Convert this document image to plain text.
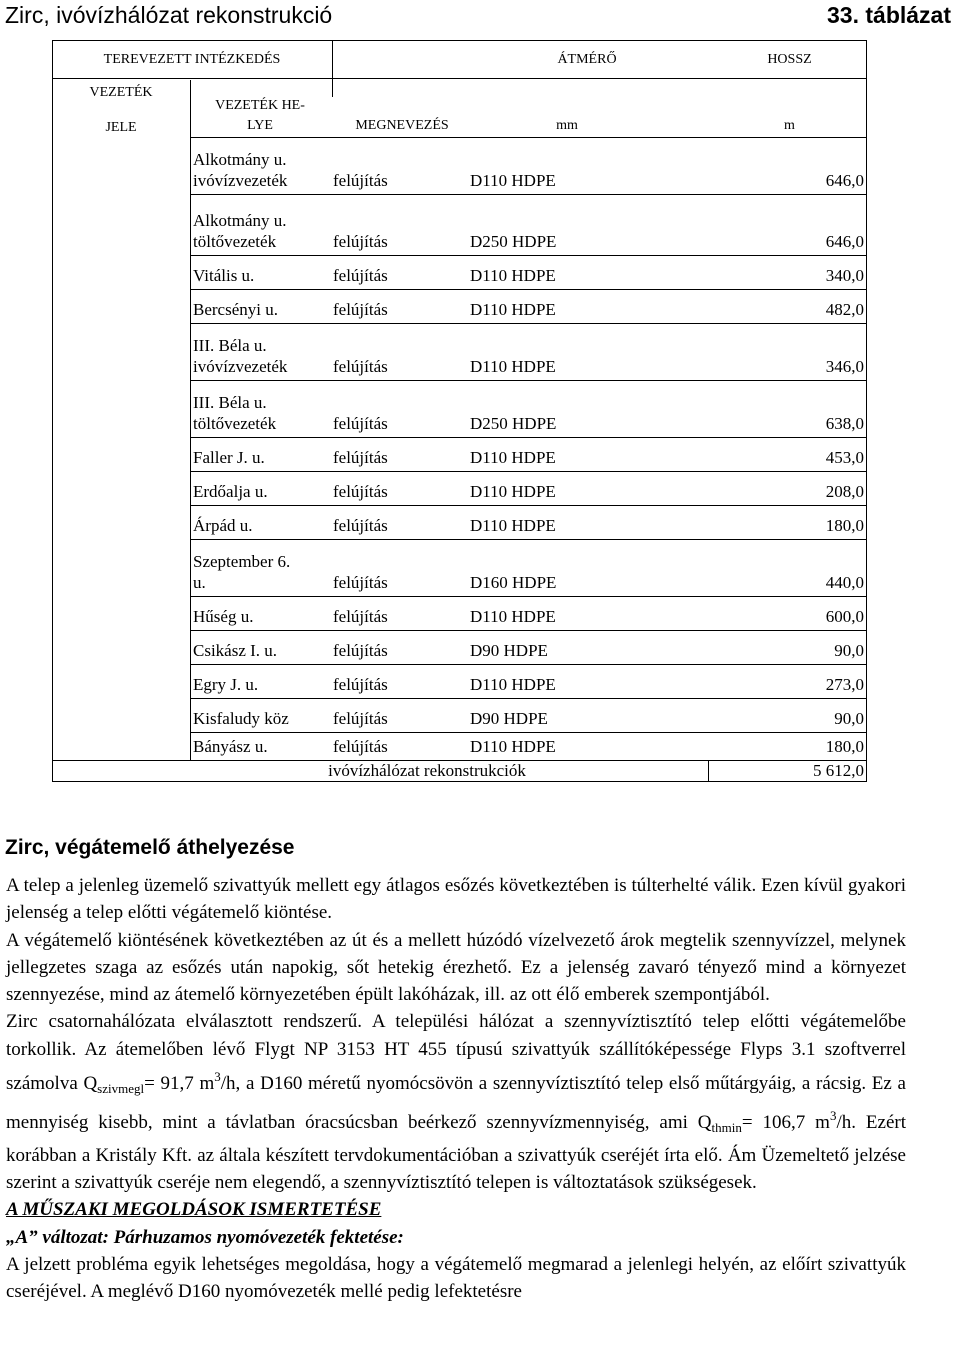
Zirc, ivóvízhálózat rekonstrukció	33. táblázat
TEREVEZETT INTÉZKEDÉS	ÁTMÉRŐ	HOSSZ
VEZETÉK
JELE
VEZETÉK HE-
LYE	MEGNEVEZÉS	mm	m
ivóvízhálózat rekonstrukciók	5 612,0
Alkotmány u.
ivóvízvezeték	felújítás	D110 HDPE	646,0
Alkotmány u.
töltővezeték	felújítás	D250 HDPE	646,0
Vitális u.	felújítás	D110 HDPE	340,0
Bercsényi u.	felújítás	D110 HDPE	482,0
III. Béla u.
ivóvízvezeték	felújítás	D110 HDPE	346,0
III. Béla u.
töltővezeték	felújítás	D250 HDPE	638,0
Faller J. u.	felújítás	D110 HDPE	453,0
Erdőalja u.	felújítás	D110 HDPE	208,0
Árpád u.	felújítás	D110 HDPE	180,0
Szeptember 6.
u.	felújítás	D160 HDPE	440,0
Hűség u.	felújítás	D110 HDPE	600,0
Csikász I. u.	felújítás	D90 HDPE	90,0
Egry J. u.	felújítás	D110 HDPE	273,0
Kisfaludy köz	felújítás	D90 HDPE	90,0
Bányász u.	felújítás	D110 HDPE	180,0
Zirc, végátemelő áthelyezése

A telep a jelenleg üzemelő szivattyúk mellett egy átlagos esőzés következtében is túlterhelté válik. Ezen kívül gyakori jelenség a telep előtti végátemelő kiöntése.

A végátemelő kiöntésének következtében az út és a mellett húzódó vízelvezető árok megtelik szennyvízzel, melynek jellegzetes szaga az esőzés után napokig, sőt hetekig érezhető. Ez a jelenség zavaró tényező mind a környezet szennyezése, mind az átemelő környezetében épült lakóházak, ill. az ott élő emberek szempontjából.

Zirc csatornahálózata elválasztott rendszerű. A települési hálózat a szennyvíztisztító telep előtti végátemelőbe torkollik. Az átemelőben lévő Flygt NP 3153 HT 455 típusú szivattyúk szállítóképessége Flyps 3.1 szoftverrel számolva $Q_{szivmegl}= 91,7$ $m^3/h$, a D160 méretű nyomócsövön a szennyvíztisztító telep első műtárgyáig, a rácsig. Ez a mennyiség kisebb, mint a távlatban óracsúcsban beérkező szennyvízmennyiség, ami $Q_{thmin}= 106,7$ $m^3/h$. Ezért korábban a Kristály Kft. az általa készített tervdokumentációban a szivattyúk cseréjét írta elő. Ám Üzemeltető jelzése szerint a szivattyúk cseréje nem elegendő, a szennyvíztisztító telepen is változtatások szükségesek.

A MŰSZAKI MEGOLDÁSOK ISMERTETÉSE

„A” változat: Párhuzamos nyomóvezeték fektetése:

A jelzett probléma egyik lehetséges megoldása, hogy a végátemelő megmarad a jelenlegi helyén, az előírt szivattyúk cseréjével. A meglévő D160 nyomóvezeték mellé pedig lefektetésre
